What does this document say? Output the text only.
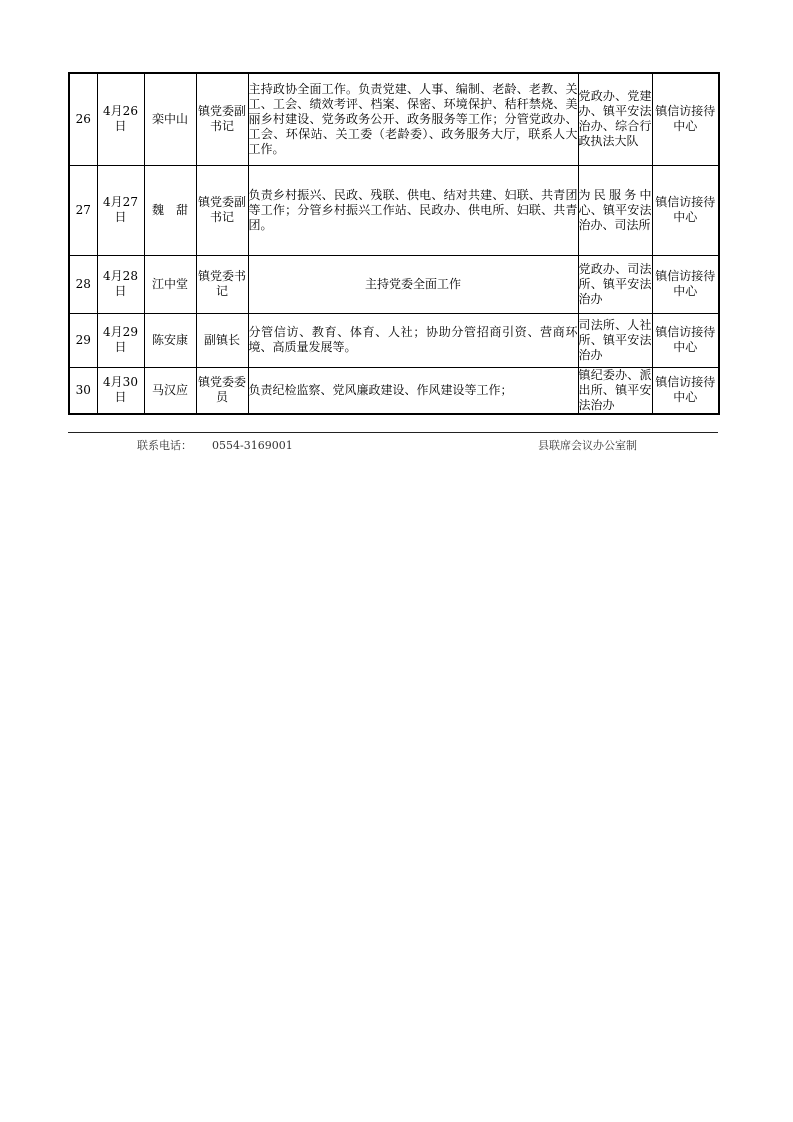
26	4月26日	栾中山	镇党委副书记	主持政协全面工作。负责党建、人事、编制、老龄、老教、关工、工会、绩效考评、档案、保密、环境保护、秸秆禁烧、美丽乡村建设、党务政务公开、政务服务等工作；分管党政办、工会、环保站、关工委（老龄委）、政务服务大厅，联系人大工作。	党政办、党建办、镇平安法治办、综合行政执法大队	镇信访接待中心
27	4月27日	魏　甜	镇党委副书记	负责乡村振兴、民政、残联、供电、结对共建、妇联、共青团等工作；分管乡村振兴工作站、民政办、供电所、妇联、共青团。	为民服务中心、镇平安法治办、司法所	镇信访接待中心
28	4月28日	江中堂	镇党委书记	主持党委全面工作	党政办、司法所、镇平安法治办	镇信访接待中心
29	4月29日	陈安康	副镇长	分管信访、教育、体育、人社；协助分管招商引资、营商环境、高质量发展等。	司法所、人社所、镇平安法治办	镇信访接待中心
30	4月30日	马汉应	镇党委委员	负责纪检监察、党风廉政建设、作风建设等工作；	镇纪委办、派出所、镇平安法治办	镇信访接待中心
联系电话： 0554-3169001	县联席会议办公室制
